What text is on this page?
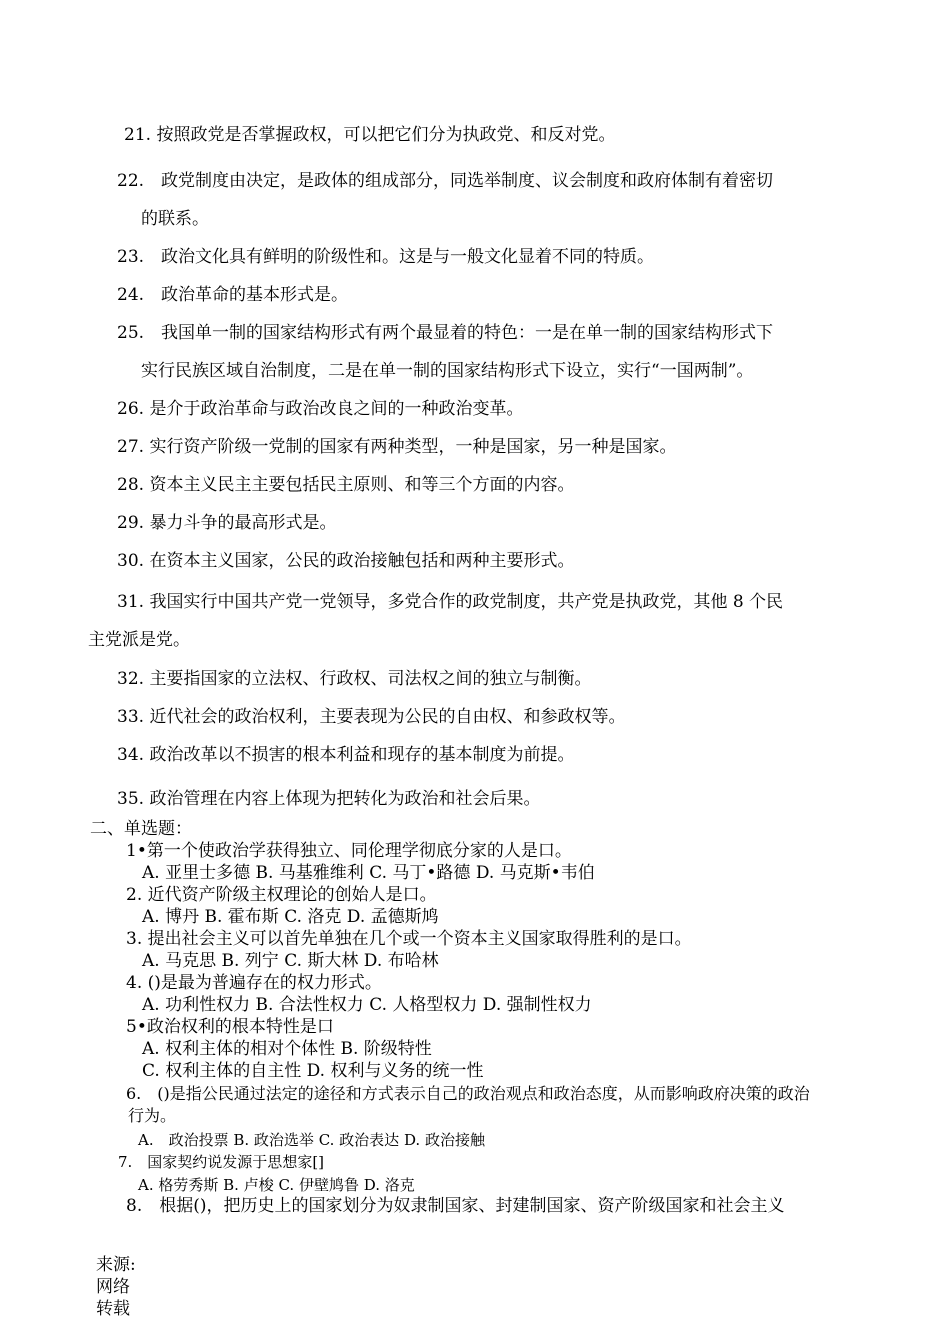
21. 按照政党是否掌握政权，可以把它们分为执政党、和反对党。
22.　政党制度由决定，是政体的组成部分，同选举制度、议会制度和政府体制有着密切
的联系。
23.　政治文化具有鲜明的阶级性和。这是与一般文化显着不同的特质。
24.　政治革命的基本形式是。
25.　我国单一制的国家结构形式有两个最显着的特色：一是在单一制的国家结构形式下
实行民族区域自治制度，二是在单一制的国家结构形式下设立，实行“一国两制”。
26. 是介于政治革命与政治改良之间的一种政治变革。
27. 实行资产阶级一党制的国家有两种类型，一种是国家，另一种是国家。
28. 资本主义民主主要包括民主原则、和等三个方面的内容。
29. 暴力斗争的最高形式是。
30. 在资本主义国家，公民的政治接触包括和两种主要形式。
31. 我国实行中国共产党一党领导，多党合作的政党制度，共产党是执政党，其他 8 个民
主党派是党。
32. 主要指国家的立法权、行政权、司法权之间的独立与制衡。
33. 近代社会的政治权利，主要表现为公民的自由权、和参政权等。
34. 政治改革以不损害的根本利益和现存的基本制度为前提。
35. 政治管理在内容上体现为把转化为政治和社会后果。
二、单选题：
1•第一个使政治学获得独立、同伦理学彻底分家的人是口。
A. 亚里士多德 B. 马基雅维利 C. 马丁•路德 D. 马克斯•韦伯
2. 近代资产阶级主权理论的创始人是口。
A. 博丹 B. 霍布斯 C. 洛克 D. 孟德斯鸠
3. 提出社会主义可以首先单独在几个或一个资本主义国家取得胜利的是口。
A. 马克思 B. 列宁 C. 斯大林 D. 布哈林
4. ()是最为普遍存在的权力形式。
A. 功利性权力 B. 合法性权力 C. 人格型权力 D. 强制性权力
5•政治权利的根本特性是口
A. 权利主体的相对个体性 B. 阶级特性
C. 权利主体的自主性 D. 权利与义务的统一性
6.　()是指公民通过法定的途径和方式表示自己的政治观点和政治态度，从而影响政府决策的政治
行为。
A.　政治投票 B. 政治选举 C. 政治表达 D. 政治接触
7.　国家契约说发源于思想家[]
A. 格劳秀斯 B. 卢梭 C. 伊壁鸠鲁 D. 洛克
8.　根据()，把历史上的国家划分为奴隶制国家、封建制国家、资产阶级国家和社会主义
来源:
网络
转载
